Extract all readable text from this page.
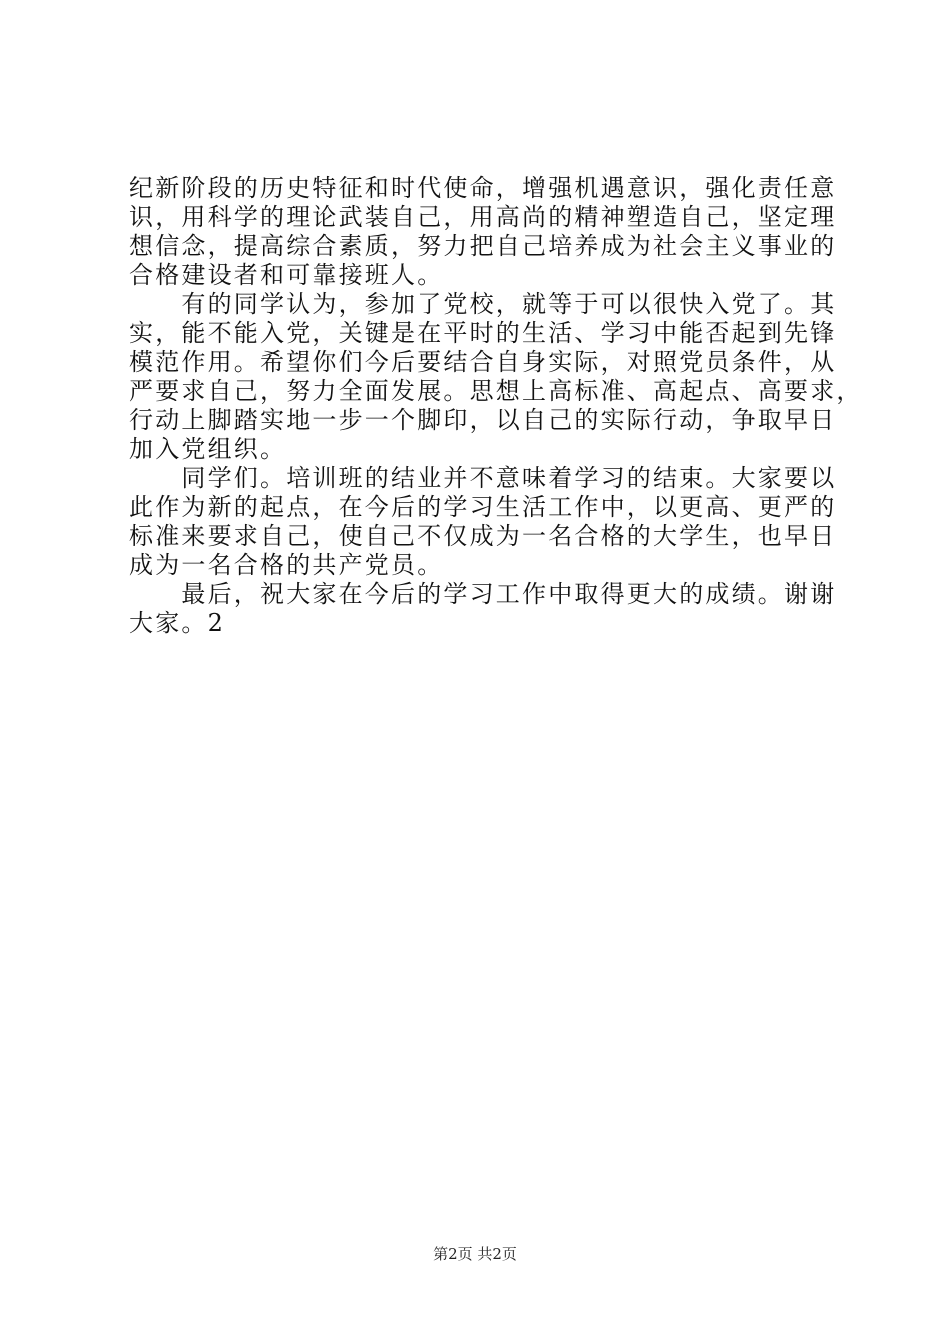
纪新阶段的历史特征和时代使命，增强机遇意识，强化责任意
识，用科学的理论武装自己，用高尚的精神塑造自己，坚定理
想信念，提高综合素质，努力把自己培养成为社会主义事业的
合格建设者和可靠接班人。
　　有的同学认为，参加了党校，就等于可以很快入党了。其
实，能不能入党，关键是在平时的生活、学习中能否起到先锋
模范作用。希望你们今后要结合自身实际，对照党员条件，从
严要求自己，努力全面发展。思想上高标准、高起点、高要求，
行动上脚踏实地一步一个脚印，以自己的实际行动，争取早日
加入党组织。
　　同学们。培训班的结业并不意味着学习的结束。大家要以
此作为新的起点，在今后的学习生活工作中，以更高、更严的
标准来要求自己，使自己不仅成为一名合格的大学生，也早日
成为一名合格的共产党员。
　　最后，祝大家在今后的学习工作中取得更大的成绩。谢谢
大家。2
第2页 共2页
